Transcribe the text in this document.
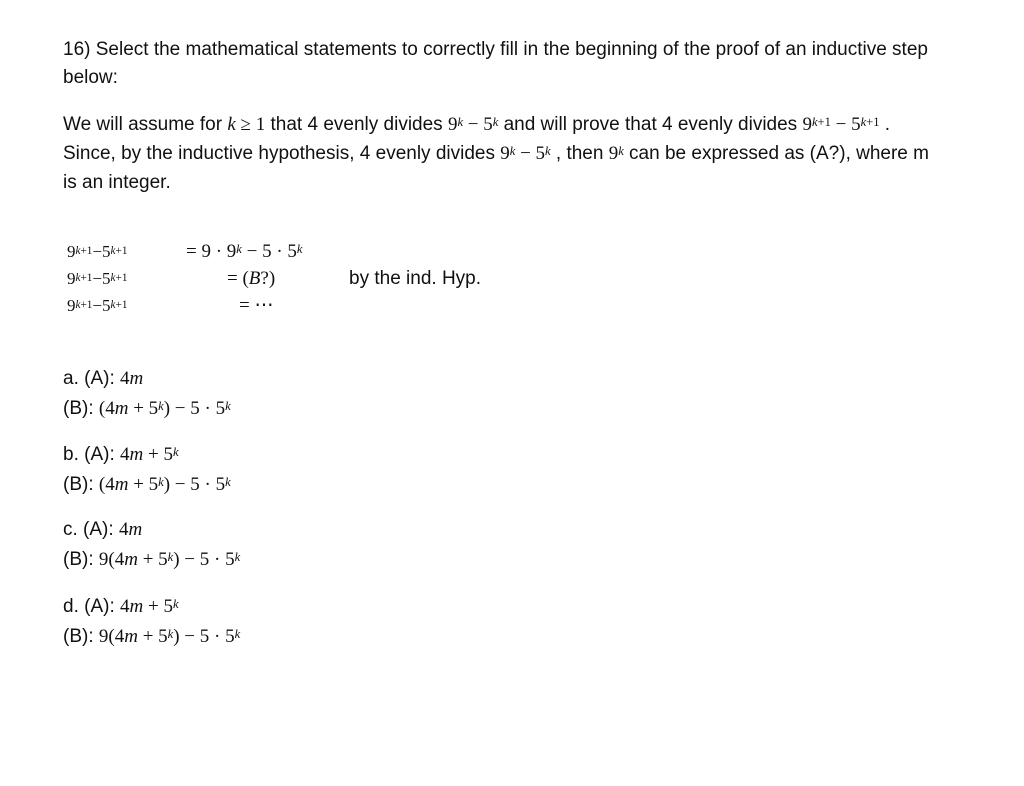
16) Select the mathematical statements to correctly fill in the beginning of the proof of an inductive step below:

We will assume for k ≥ 1 that 4 evenly divides $9^k - 5^k$ and will prove that 4 evenly divides $9^{k+1} - 5^{k+1}$ . Since, by the inductive hypothesis, 4 evenly divides $9^k - 5^k$ , then 9$^k$ can be expressed as (A?), where m is an integer.

$9^{k+1}-5^{k+1}$	= $9 \cdot 9^k - 5 \cdot 5^k$
$9^{k+1}-5^{k+1}$	= (B?)	by the ind. Hyp.
$9^{k+1}-5^{k+1}$	= ⋯
a. (A): 4m
(B): $(4m + 5^k) - 5 \cdot 5^k$
b. (A): $4m + 5^k$
(B): $(4m + 5^k) - 5 \cdot 5^k$
c. (A): 4m
(B): $9(4m + 5^k) - 5 \cdot 5^k$
d. (A): $4m + 5^k$
(B): $9(4m + 5^k) - 5 \cdot 5^k$
